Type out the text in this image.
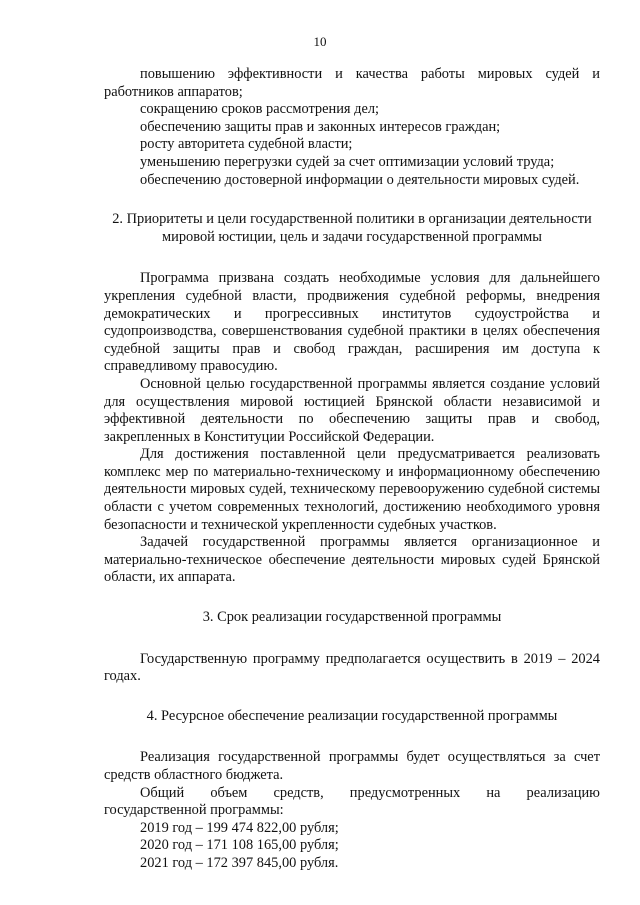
10

повышению эффективности и качества работы мировых судей и работников аппаратов;

сокращению сроков рассмотрения дел;

обеспечению защиты прав и законных интересов граждан;

росту авторитета судебной власти;

уменьшению перегрузки судей за счет оптимизации условий труда;

обеспечению достоверной информации о деятельности мировых судей.

2. Приоритеты и цели государственной политики в организации деятельности
мировой юстиции, цель и задачи государственной программы

Программа призвана создать необходимые условия для дальнейшего укрепления судебной власти, продвижения судебной реформы, внедрения демократических и прогрессивных институтов судоустройства и судопроизводства, совершенствования судебной практики в целях обеспечения судебной защиты прав и свобод граждан, расширения им доступа к справедливому правосудию.

Основной целью государственной программы является создание условий для осуществления мировой юстицией Брянской области независимой и эффективной деятельности по обеспечению защиты прав и свобод, закрепленных в Конституции Российской Федерации.

Для достижения поставленной цели предусматривается реализовать комплекс мер по материально-техническому и информационному обеспечению деятельности мировых судей, техническому перевооружению судебной системы области с учетом современных технологий, достижению необходимого уровня безопасности и технической укрепленности судебных участков.

Задачей государственной программы является организационное и материально-техническое обеспечение деятельности мировых судей Брянской области, их аппарата.

3. Срок реализации государственной программы

Государственную программу предполагается осуществить в 2019 – 2024 годах.

4. Ресурсное обеспечение реализации государственной программы

Реализация государственной программы будет осуществляться за счет средств областного бюджета.

Общий объем средств, предусмотренных на реализацию

государственной программы:

2019 год – 199 474 822,00 рубля;

2020 год – 171 108 165,00 рубля;

2021 год – 172 397 845,00 рубля.
